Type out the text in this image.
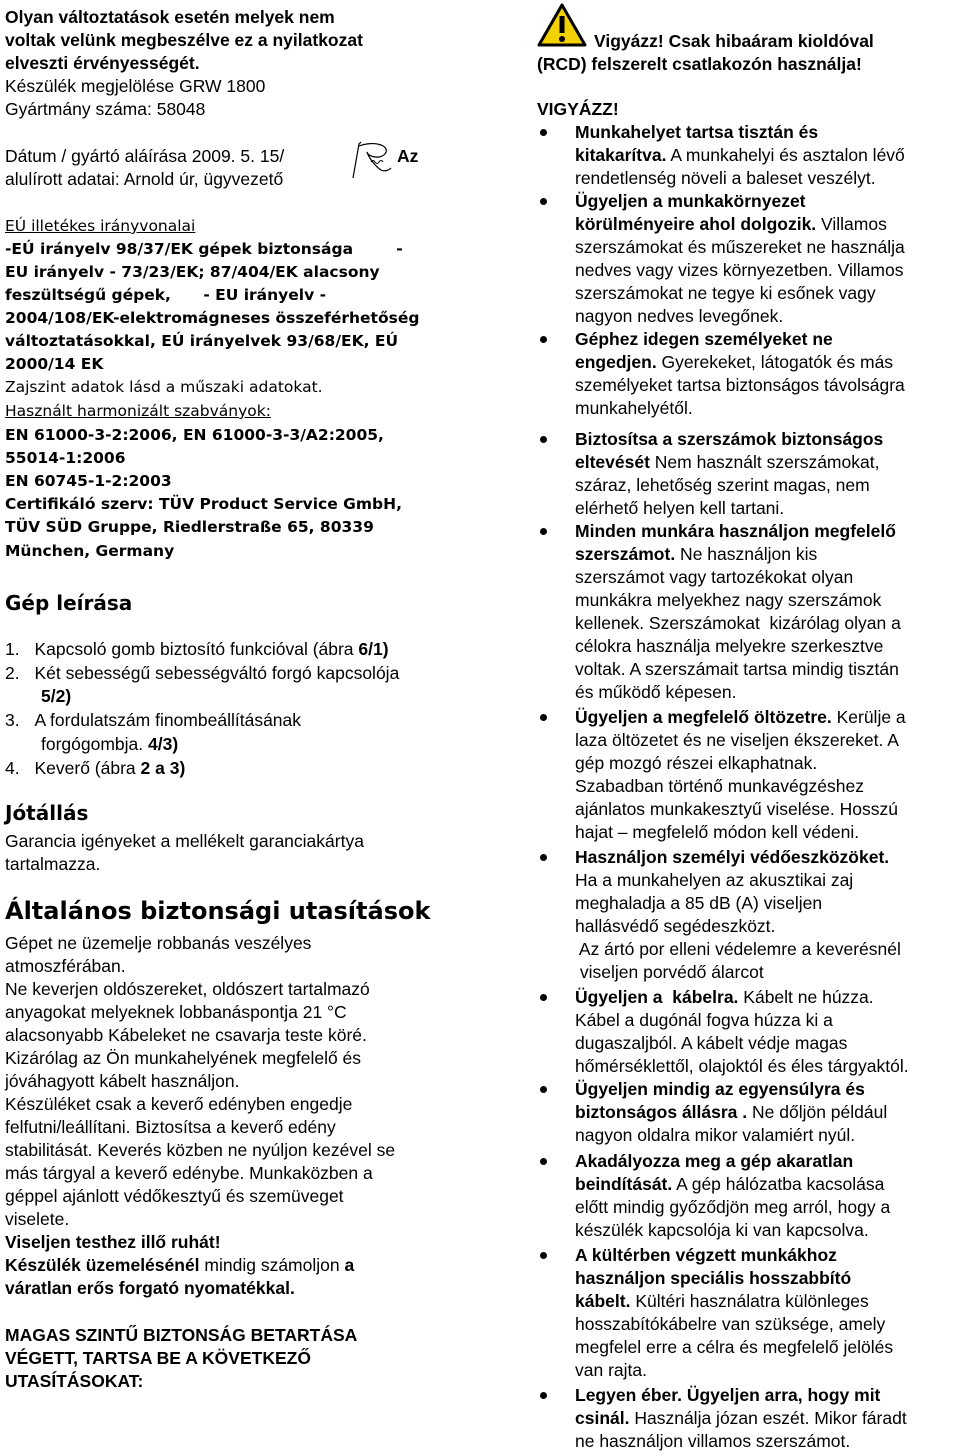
Olyan változtatások esetén melyek nem
voltak velünk megbeszélve ez a nyilatkozat
elveszti érvényességét.
Készülék megjelölése GRW 1800
Gyártmány száma: 58048
Dátum / gyártó aláírása 2009. 5. 15/	Az
alulírott adatai: Arnold úr, ügyvezető
EÚ illetékes irányvonalai
-EÚ irányelv 98/37/EK gépek biztonsága        -
EU irányelv - 73/23/EK; 87/404/EK alacsony
feszültségű gépek,      - EU irányelv -
2004/108/EK-elektromágneses összeférhetőség
változtatásokkal, EÚ irányelvek 93/68/EK, EÚ
2000/14 EK
Zajszint adatok lásd a műszaki adatokat.
Használt harmonizált szabványok:
EN 61000-3-2:2006, EN 61000-3-3/A2:2005,
55014-1:2006
EN 60745-1-2:2003
Certifikáló szerv: TÜV Product Service GmbH,
TÜV SÜD Gruppe, Riedlerstraße 65, 80339
München, Germany
Gép leírása
1. Kapcsoló gomb biztosító funkcióval (ábra 6/1)
2. Két sebességű sebességváltó forgó kapcsolója
5/2)
3. A fordulatszám finombeállításának
forgógombja. 4/3)
4. Keverő (ábra 2 a 3)
Jótállás
Garancia igényeket a mellékelt garanciakártya
tartalmazza.
Általános biztonsági utasítások
Gépet ne üzemelje robbanás veszélyes
atmoszférában.
Ne keverjen oldószereket, oldószert tartalmazó
anyagokat melyeknek lobbanáspontja 21 °C
alacsonyabb Kábeleket ne csavarja teste köré.
Kizárólag az Ön munkahelyének megfelelő és
jóváhagyott kábelt használjon.
Készüléket csak a keverő edényben engedje
felfutni/leállítani. Biztosítsa a keverő edény
stabilitását. Keverés közben ne nyúljon kezével se
más tárgyal a keverő edénybe. Munkaközben a
géppel ajánlott védőkesztyű és szemüveget
viselete.
Viseljen testhez illő ruhát!
Készülék üzemelésénél mindig számoljon a
váratlan erős forgató nyomatékkal.
MAGAS SZINTŰ BIZTONSÁG BETARTÁSA
VÉGETT, TARTSA BE A KÖVETKEZŐ
UTASÍTÁSOKAT:
Vigyázz! Csak hibaáram kioldóval
(RCD) felszerelt csatlakozón használja!
VIGYÁZZ!
Munkahelyet tartsa tisztán és
kitakarítva. A munkahelyi és asztalon lévő
rendetlenség növeli a baleset veszélyt.
Ügyeljen a munkakörnyezet
körülményeire ahol dolgozik. Villamos
szerszámokat és műszereket ne használja
nedves vagy vizes környezetben. Villamos
szerszámokat ne tegye ki esőnek vagy
nagyon nedves levegőnek.
Géphez idegen személyeket ne
engedjen. Gyerekeket, látogatók és más
személyeket tartsa biztonságos távolságra
munkahelyétől.
Biztosítsa a szerszámok biztonságos
eltevését Nem használt szerszámokat,
száraz, lehetőség szerint magas, nem
elérhető helyen kell tartani.
Minden munkára használjon megfelelő
szerszámot. Ne használjon kis
szerszámot vagy tartozékokat olyan
munkákra melyekhez nagy szerszámok
kellenek. Szerszámokat  kizárólag olyan a
célokra használja melyekre szerkesztve
voltak. A szerszámait tartsa mindig tisztán
és működő képesen.
Ügyeljen a megfelelő öltözetre. Kerülje a
laza öltözetet és ne viseljen ékszereket. A
gép mozgó részei elkaphatnak.
Szabadban történő munkavégzéshez
ajánlatos munkakesztyű viselése. Hosszú
hajat – megfelelő módon kell védeni.
Használjon személyi védőeszközöket.
Ha a munkahelyen az akusztikai zaj
meghaladja a 85 dB (A) viseljen
hallásvédő segédeszközt.
Az ártó por elleni védelemre a keverésnél
viseljen porvédő álarcot
Ügyeljen a  kábelra. Kábelt ne húzza.
Kábel a dugónál fogva húzza ki a
dugaszaljból. A kábelt védje magas
hőmérséklettől, olajoktól és éles tárgyaktól.
Ügyeljen mindig az egyensúlyra és
biztonságos állásra . Ne dőljön például
nagyon oldalra mikor valamiért nyúl.
Akadályozza meg a gép akaratlan
beindítását. A gép hálózatba kacsolása
előtt mindig győződjön meg arról, hogy a
készülék kapcsolója ki van kapcsolva.
A kültérben végzett munkákhoz
használjon speciális hosszabbító
kábelt. Kültéri használatra különleges
hosszabítókábelre van szüksége, amely
megfelel erre a célra és megfelelő jelölés
van rajta.
Legyen éber. Ügyeljen arra, hogy mit
csinál. Használja józan eszét. Mikor fáradt
ne használjon villamos szerszámot.
